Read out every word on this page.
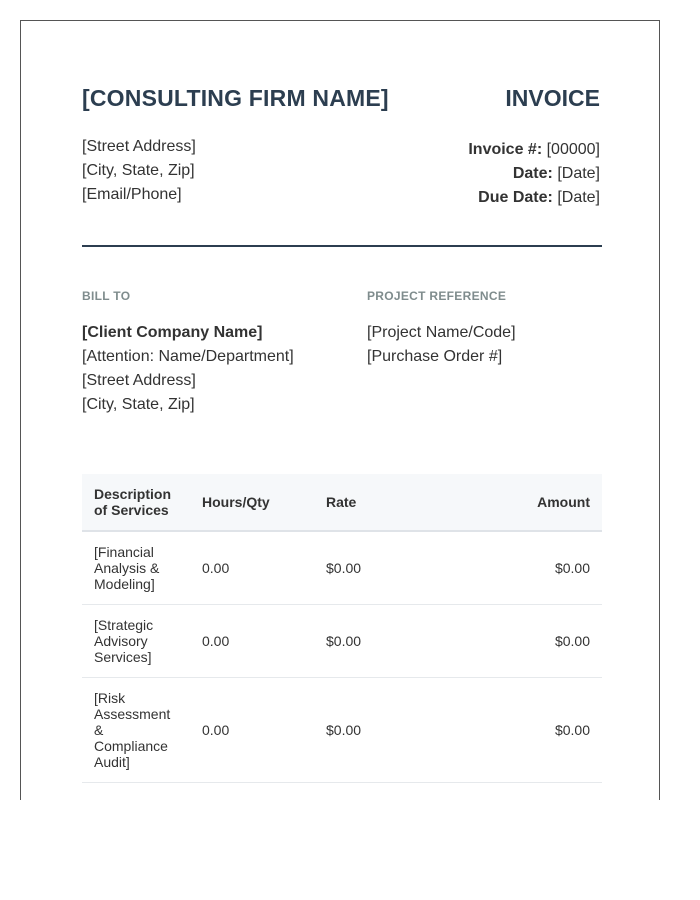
[CONSULTING FIRM NAME]	INVOICE
[Street Address]
[City, State, Zip]
[Email/Phone]
Invoice #: [00000]
Date: [Date]
Due Date: [Date]
BILL TO	PROJECT REFERENCE
[Client Company Name]
[Attention: Name/Department]
[Street Address]
[City, State, Zip]
[Project Name/Code]
[Purchase Order #]
Description of Services	Hours/Qty	Rate	Amount
[Financial Analysis & Modeling]	0.00	$0.00	$0.00
[Strategic Advisory Services]	0.00	$0.00	$0.00
[Risk Assessment & Compliance Audit]	0.00	$0.00	$0.00
